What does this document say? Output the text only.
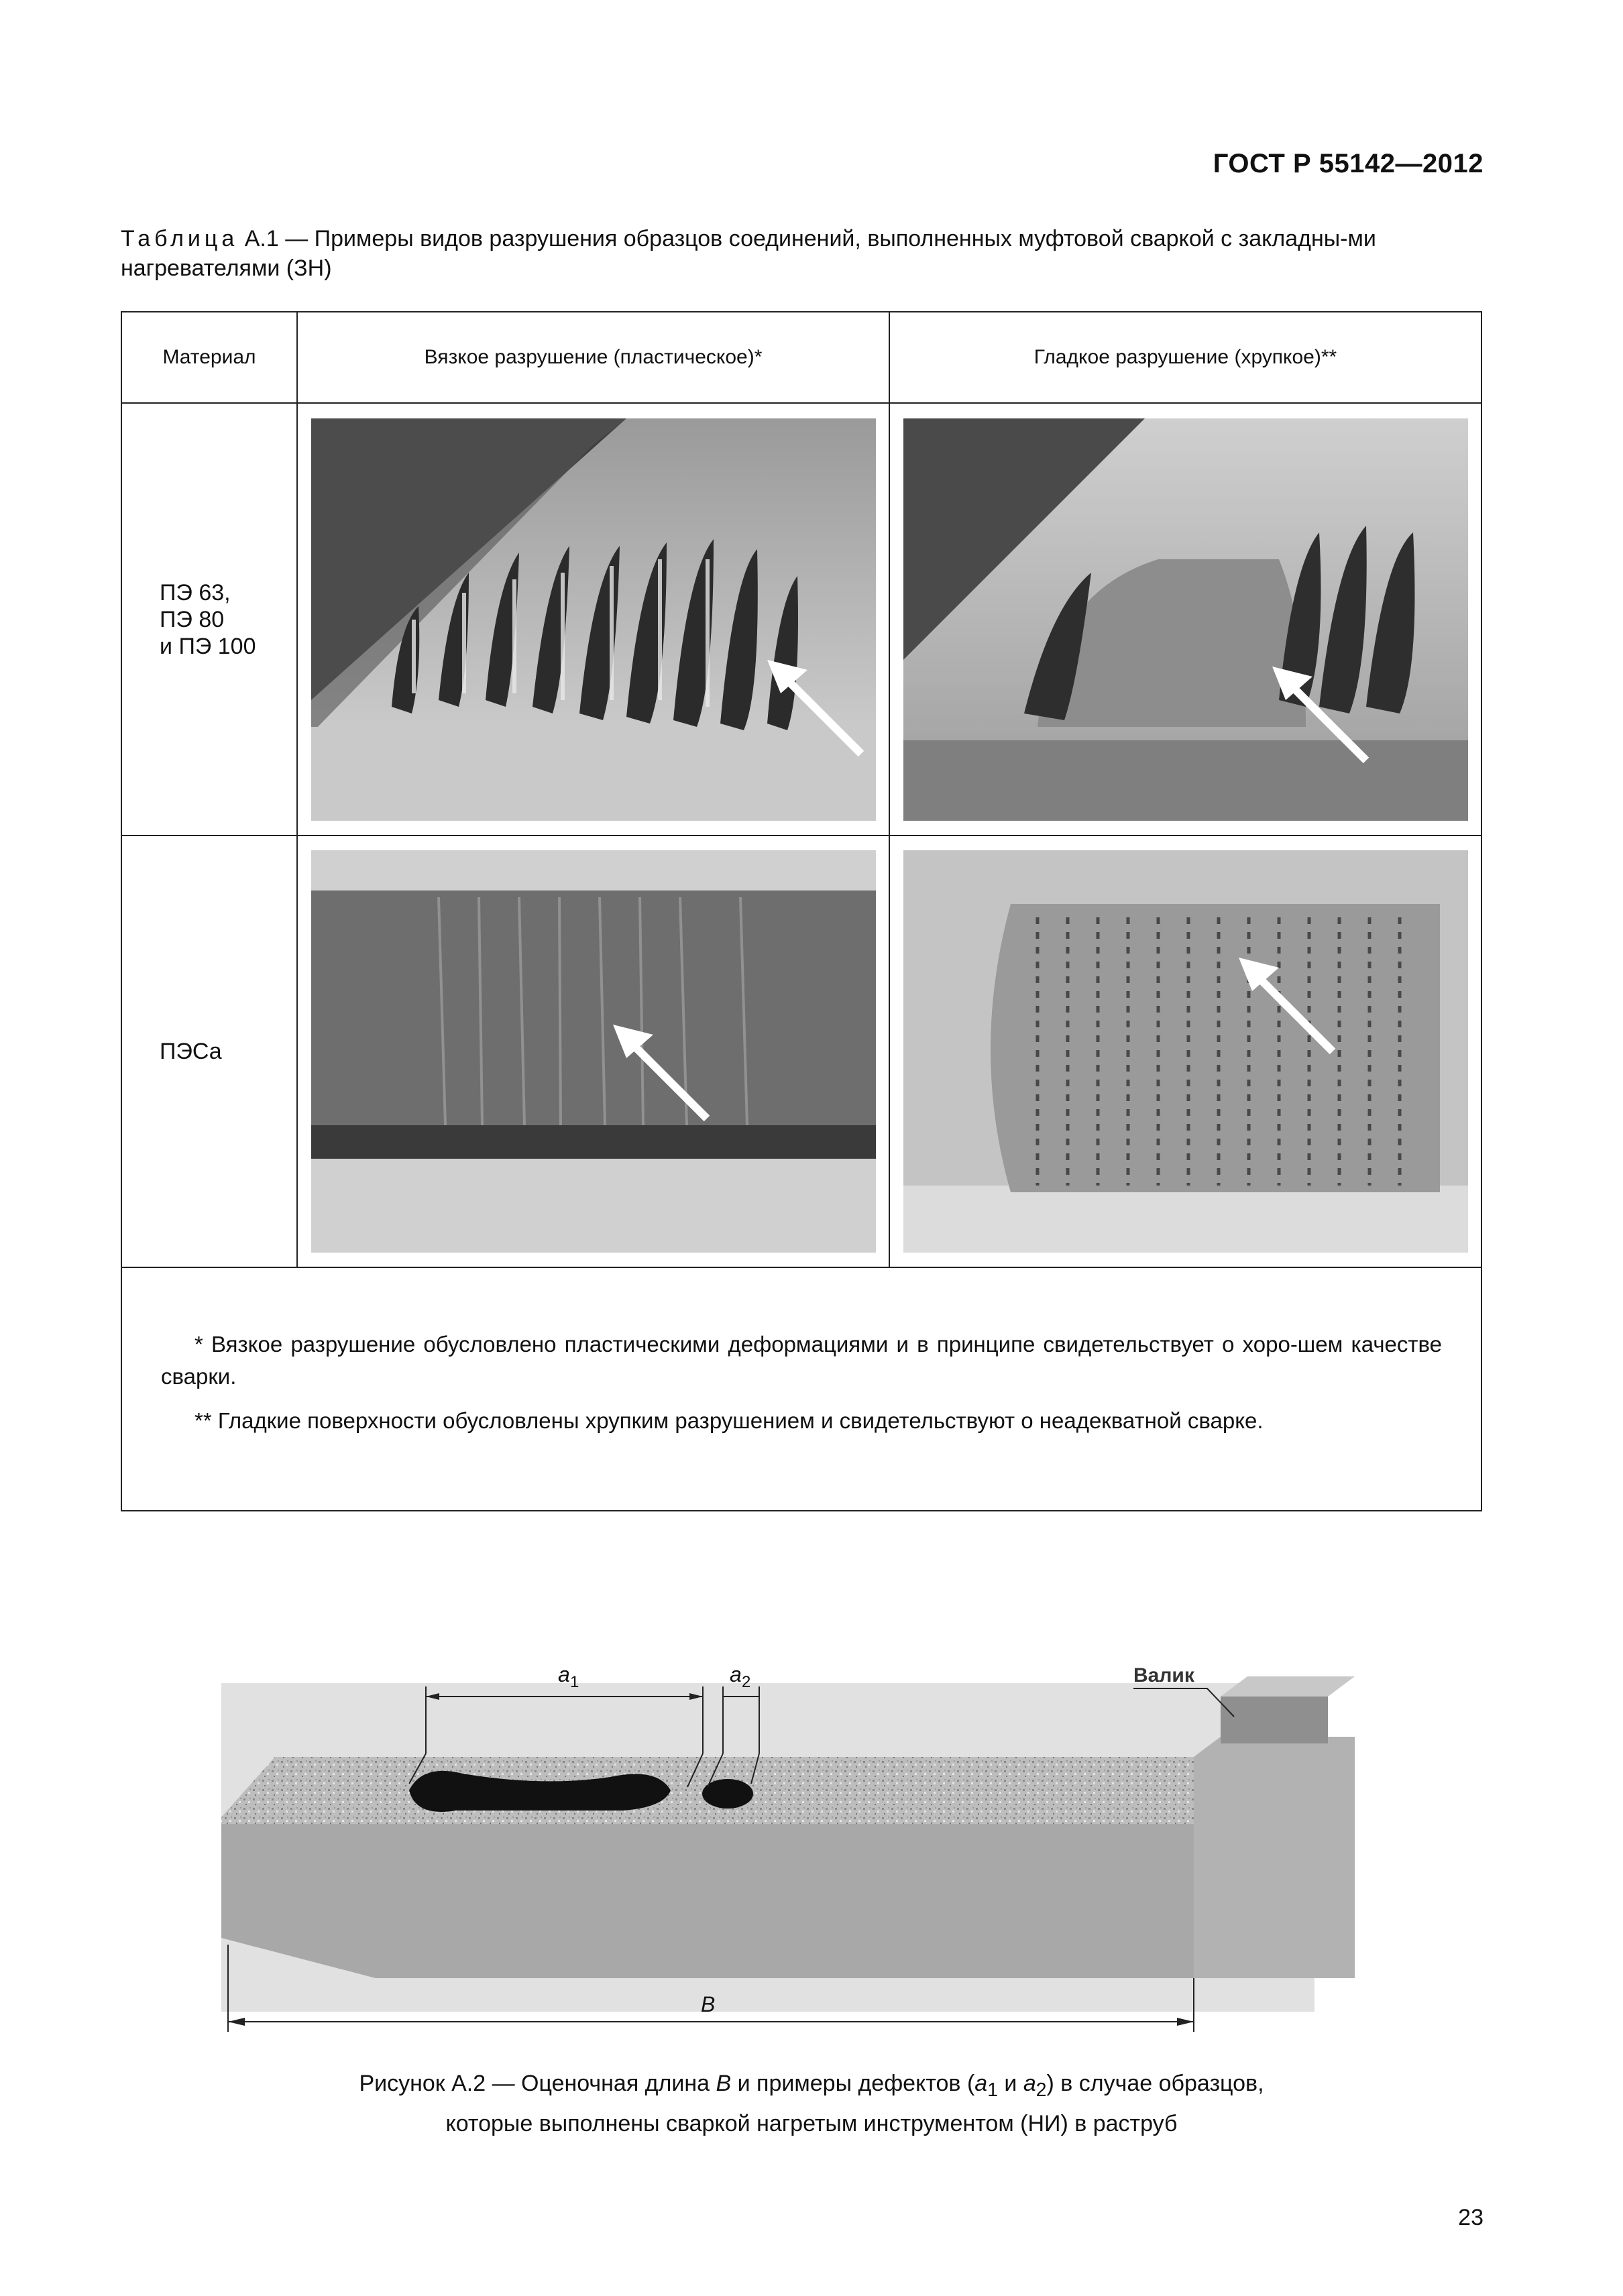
ГОСТ Р 55142—2012
Таблица А.1 — Примеры видов разрушения образцов соединений, выполненных муфтовой сваркой с закладны-ми нагревателями (ЗН)
Материал	Вязкое разрушение (пластическое)*	Гладкое разрушение (хрупкое)**

ПЭ 63,
ПЭ 80
и ПЭ 100

ПЭСа

* Вязкое разрушение обусловлено пластическими деформациями и в принципе свидетельствует о хоро-шем качестве сварки.

** Гладкие поверхности обусловлены хрупким разрушением и свидетельствуют о неадекватной сварке.		

a 1	a 2	Валик
B
Рисунок А.2 — Оценочная длина B и примеры дефектов ($a_1$ и $a_2$) в случае образцов,
которые выполнены сваркой нагретым инструментом (НИ) в раструб
23
